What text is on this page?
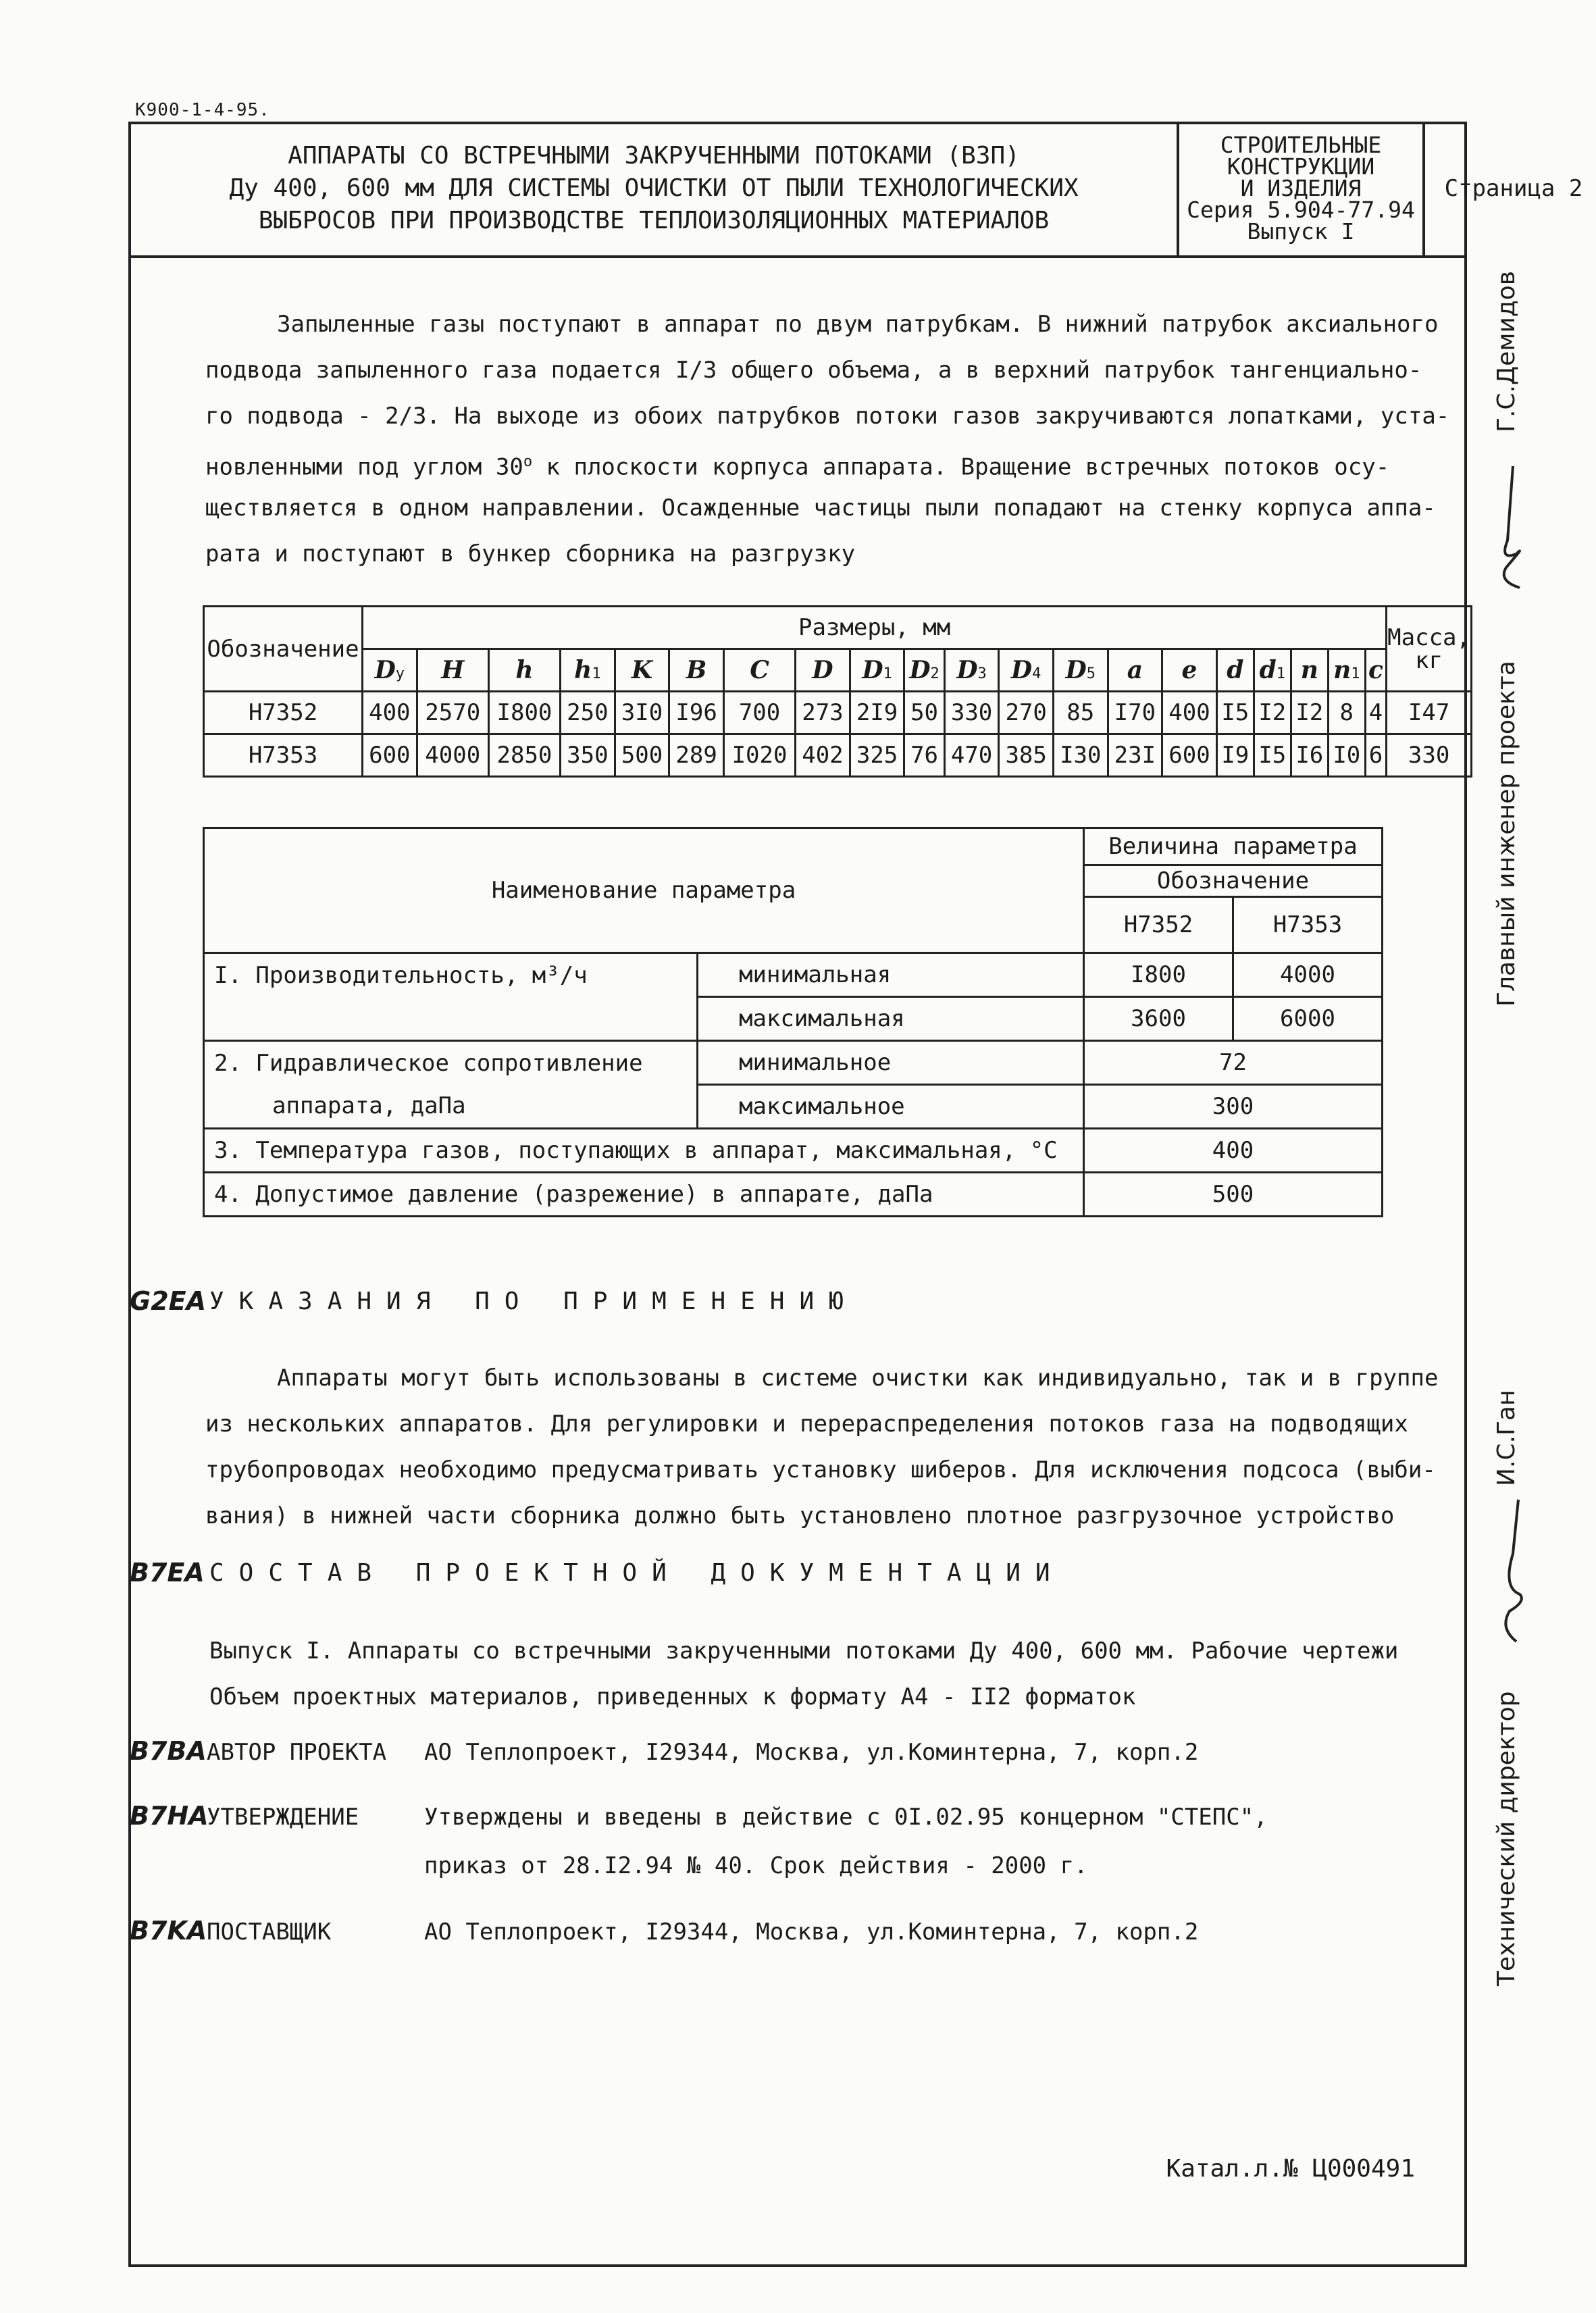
К900-1-4-95.
АППАРАТЫ СО ВСТРЕЧНЫМИ ЗАКРУЧЕННЫМИ ПОТОКАМИ (ВЗП)
Ду 400, 600 мм ДЛЯ СИСТЕМЫ ОЧИСТКИ ОТ ПЫЛИ ТЕХНОЛОГИЧЕСКИХ
ВЫБРОСОВ ПРИ ПРОИЗВОДСТВЕ ТЕПЛОИЗОЛЯЦИОННЫХ МАТЕРИАЛОВ
СТРОИТЕЛЬНЫЕ
КОНСТРУКЦИИ
И ИЗДЕЛИЯ
Серия 5.904-77.94
Выпуск I
Страница 2
Запыленные газы поступают в аппарат по двум патрубкам. В нижний патрубок аксиального
подвода запыленного газа подается I/3 общего объема, а в верхний патрубок тангенциально-
го подвода - 2/3. На выходе из обоих патрубков потоки газов закручиваются лопатками, уста-
новленными под углом $30^о$ к плоскости корпуса аппарата. Вращение встречных потоков осу-
ществляется в одном направлении. Осажденные частицы пыли попадают на стенку корпуса аппа-
рата и поступают в бункер сборника на разгрузку
Обозначение	Размеры, мм																				Масса, кг
	Dу	H	h	h1	K	B	C	D	D1	D2	D3	D4	D5	a	e	d	d1	n	n1	c	
H7352	400	2570	I800	250	3I0	I96	700	273	2I9	50	330	270	85	I70	400	I5	I2	I2	8	4	I47
H7353	600	4000	2850	350	500	289	I020	402	325	76	470	385	I30	23I	600	I9	I5	I6	I0	6	330
Наименование параметра		Величина параметра	
		Обозначение	
		H7352	H7353
I. Производительность, м³/ч	минимальная	I800	4000
	максимальная	3600	6000
2. Гидравлическое сопротивление	минимальное	72	
аппарата, даПа	максимальное	300	
3. Температура газов, поступающих в аппарат, максимальная, °С		400	
4. Допустимое давление (разрежение) в аппарате, даПа		500	
G2EA УКАЗАНИЯ ПО ПРИМЕНЕНИЮ
Аппараты могут быть использованы в системе очистки как индивидуально, так и в группе
из нескольких аппаратов. Для регулировки и перераспределения потоков газа на подводящих
трубопроводах необходимо предусматривать установку шиберов. Для исключения подсоса (выби-
вания) в нижней части сборника должно быть установлено плотное разгрузочное устройство
B7EA СОСТАВ ПРОЕКТНОЙ ДОКУМЕНТАЦИИ
Выпуск I. Аппараты со встречными закрученными потоками Ду 400, 600 мм. Рабочие чертежи
Объем проектных материалов, приведенных к формату А4 - II2 форматок
B7BA АВТОР ПРОЕКТА АО Теплопроект, I29344, Москва, ул.Коминтерна, 7, корп.2
B7HA
УТВЕРЖДЕНИЕ	Утверждены и введены в действие с 0I.02.95 концерном "СТЕПС",
приказ от 28.I2.94 № 40. Срок действия - 2000 г.
B7KA ПОСТАВЩИК	АО Теплопроект, I29344, Москва, ул.Коминтерна, 7, корп.2
Катал.л.№ Ц000491
Г.С.Демидов
Главный инженер проекта
И.С.Ган
Технический директор
